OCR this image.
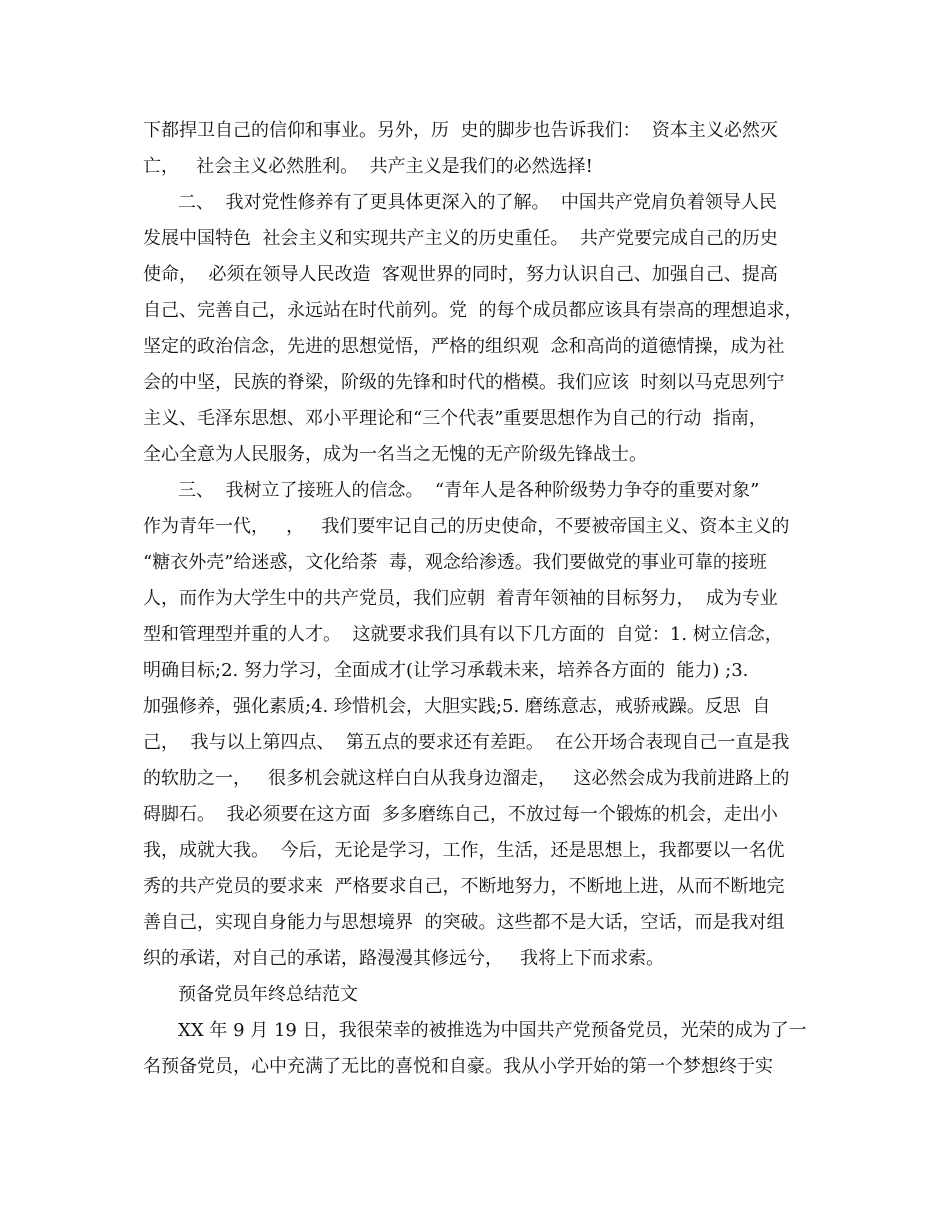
下都捍卫自己的信仰和事业。另外，历  史的脚步也告诉我们：  资本主义必然灭
亡，   社会主义必然胜利。  共产主义是我们的必然选择!
二、  我对党性修养有了更具体更深入的了解。  中国共产党肩负着领导人民
发展中国特色  社会主义和实现共产主义的历史重任。  共产党要完成自己的历史
使命，  必须在领导人民改造  客观世界的同时，努力认识自己、加强自己、提高
自己、完善自己，永远站在时代前列。党  的每个成员都应该具有崇高的理想追求，
坚定的政治信念，先进的思想觉悟，严格的组织观  念和高尚的道德情操，成为社
会的中坚，民族的脊梁，阶级的先锋和时代的楷模。我们应该  时刻以马克思列宁
主义、毛泽东思想、邓小平理论和“三个代表”重要思想作为自己的行动  指南，
全心全意为人民服务，成为一名当之无愧的无产阶级先锋战士。
三、  我树立了接班人的信念。  “青年人是各种阶级势力争夺的重要对象”
作为青年一代，   ，   我们要牢记自己的历史使命，不要被帝国主义、资本主义的
“糖衣外壳”给迷惑，文化给荼  毒，观念给渗透。我们要做党的事业可靠的接班
人，而作为大学生中的共产党员，我们应朝  着青年领袖的目标努力，  成为专业
型和管理型并重的人才。  这就要求我们具有以下几方面的  自觉：1. 树立信念，
明确目标;2. 努力学习，全面成才(让学习承载未来，培养各方面的  能力) ;3.
加强修养，强化素质;4. 珍惜机会，大胆实践;5. 磨练意志，戒骄戒躁。反思  自
己，  我与以上第四点、  第五点的要求还有差距。  在公开场合表现自己一直是我
的软肋之一，   很多机会就这样白白从我身边溜走，   这必然会成为我前进路上的
碍脚石。  我必须要在这方面  多多磨练自己，不放过每一个锻炼的机会，走出小
我，成就大我。  今后，无论是学习，工作，生活，还是思想上，我都要以一名优
秀的共产党员的要求来  严格要求自己，不断地努力，不断地上进，从而不断地完
善自己，实现自身能力与思想境界  的突破。这些都不是大话，空话，而是我对组
织的承诺，对自己的承诺，路漫漫其修远兮，   我将上下而求索。
预备党员年终总结范文
XX 年 9 月 19 日，我很荣幸的被推选为中国共产党预备党员，光荣的成为了一
名预备党员，心中充满了无比的喜悦和自豪。我从小学开始的第一个梦想终于实
